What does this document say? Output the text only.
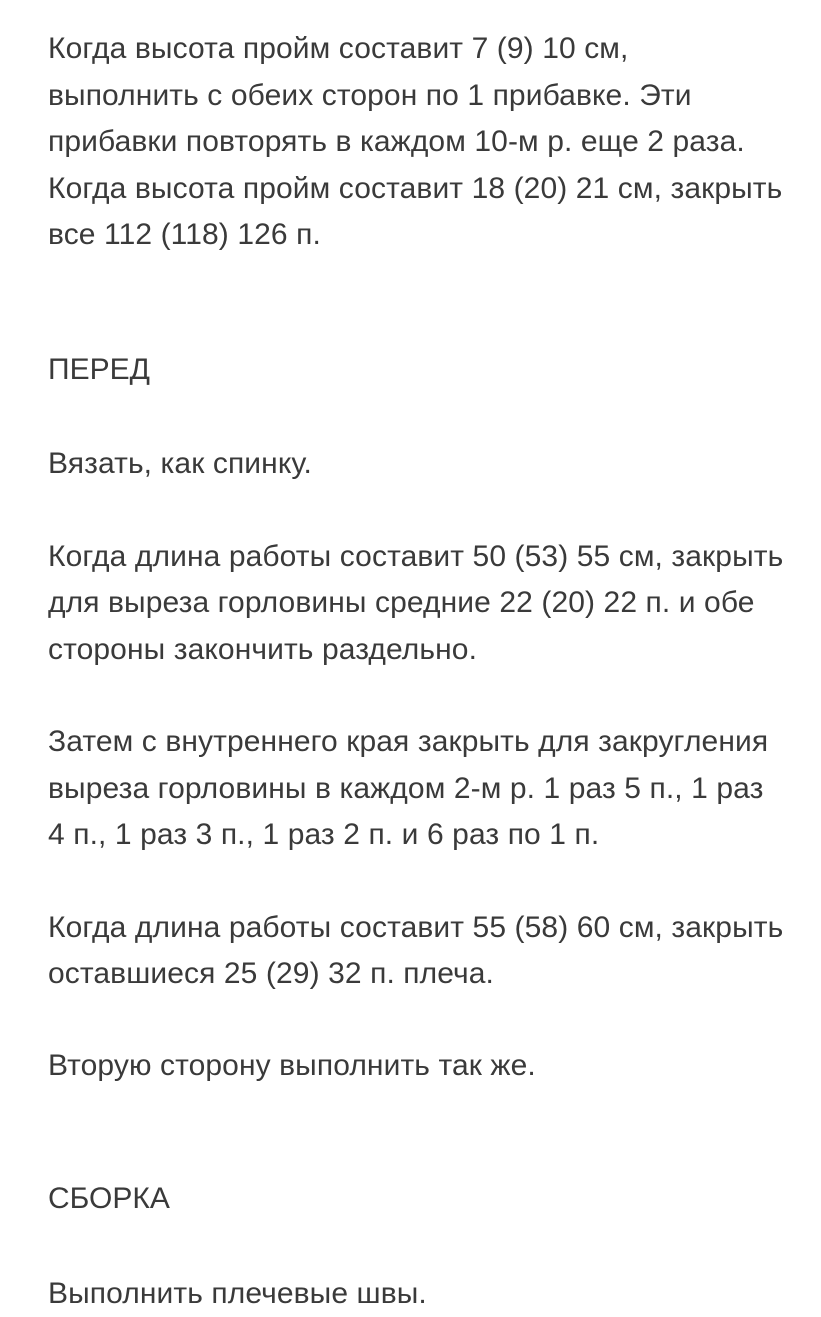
Когда высота пройм составит 7 (9) 10 см,
выполнить с обеих сторон по 1 прибавке. Эти
прибавки повторять в каждом 10-м р. еще 2 раза.
Когда высота пройм составит 18 (20) 21 см, закрыть
все 112 (118) 126 п.

ПЕРЕД

Вязать, как спинку.

Когда длина работы составит 50 (53) 55 см, закрыть
для выреза горловины средние 22 (20) 22 п. и обе
стороны закончить раздельно.

Затем с внутреннего края закрыть для закругления
выреза горловины в каждом 2-м р. 1 раз 5 п., 1 раз
4 п., 1 раз 3 п., 1 раз 2 п. и 6 раз по 1 п.

Когда длина работы составит 55 (58) 60 см, закрыть
оставшиеся 25 (29) 32 п. плеча.

Вторую сторону выполнить так же.

СБОРКА

Выполнить плечевые швы.
